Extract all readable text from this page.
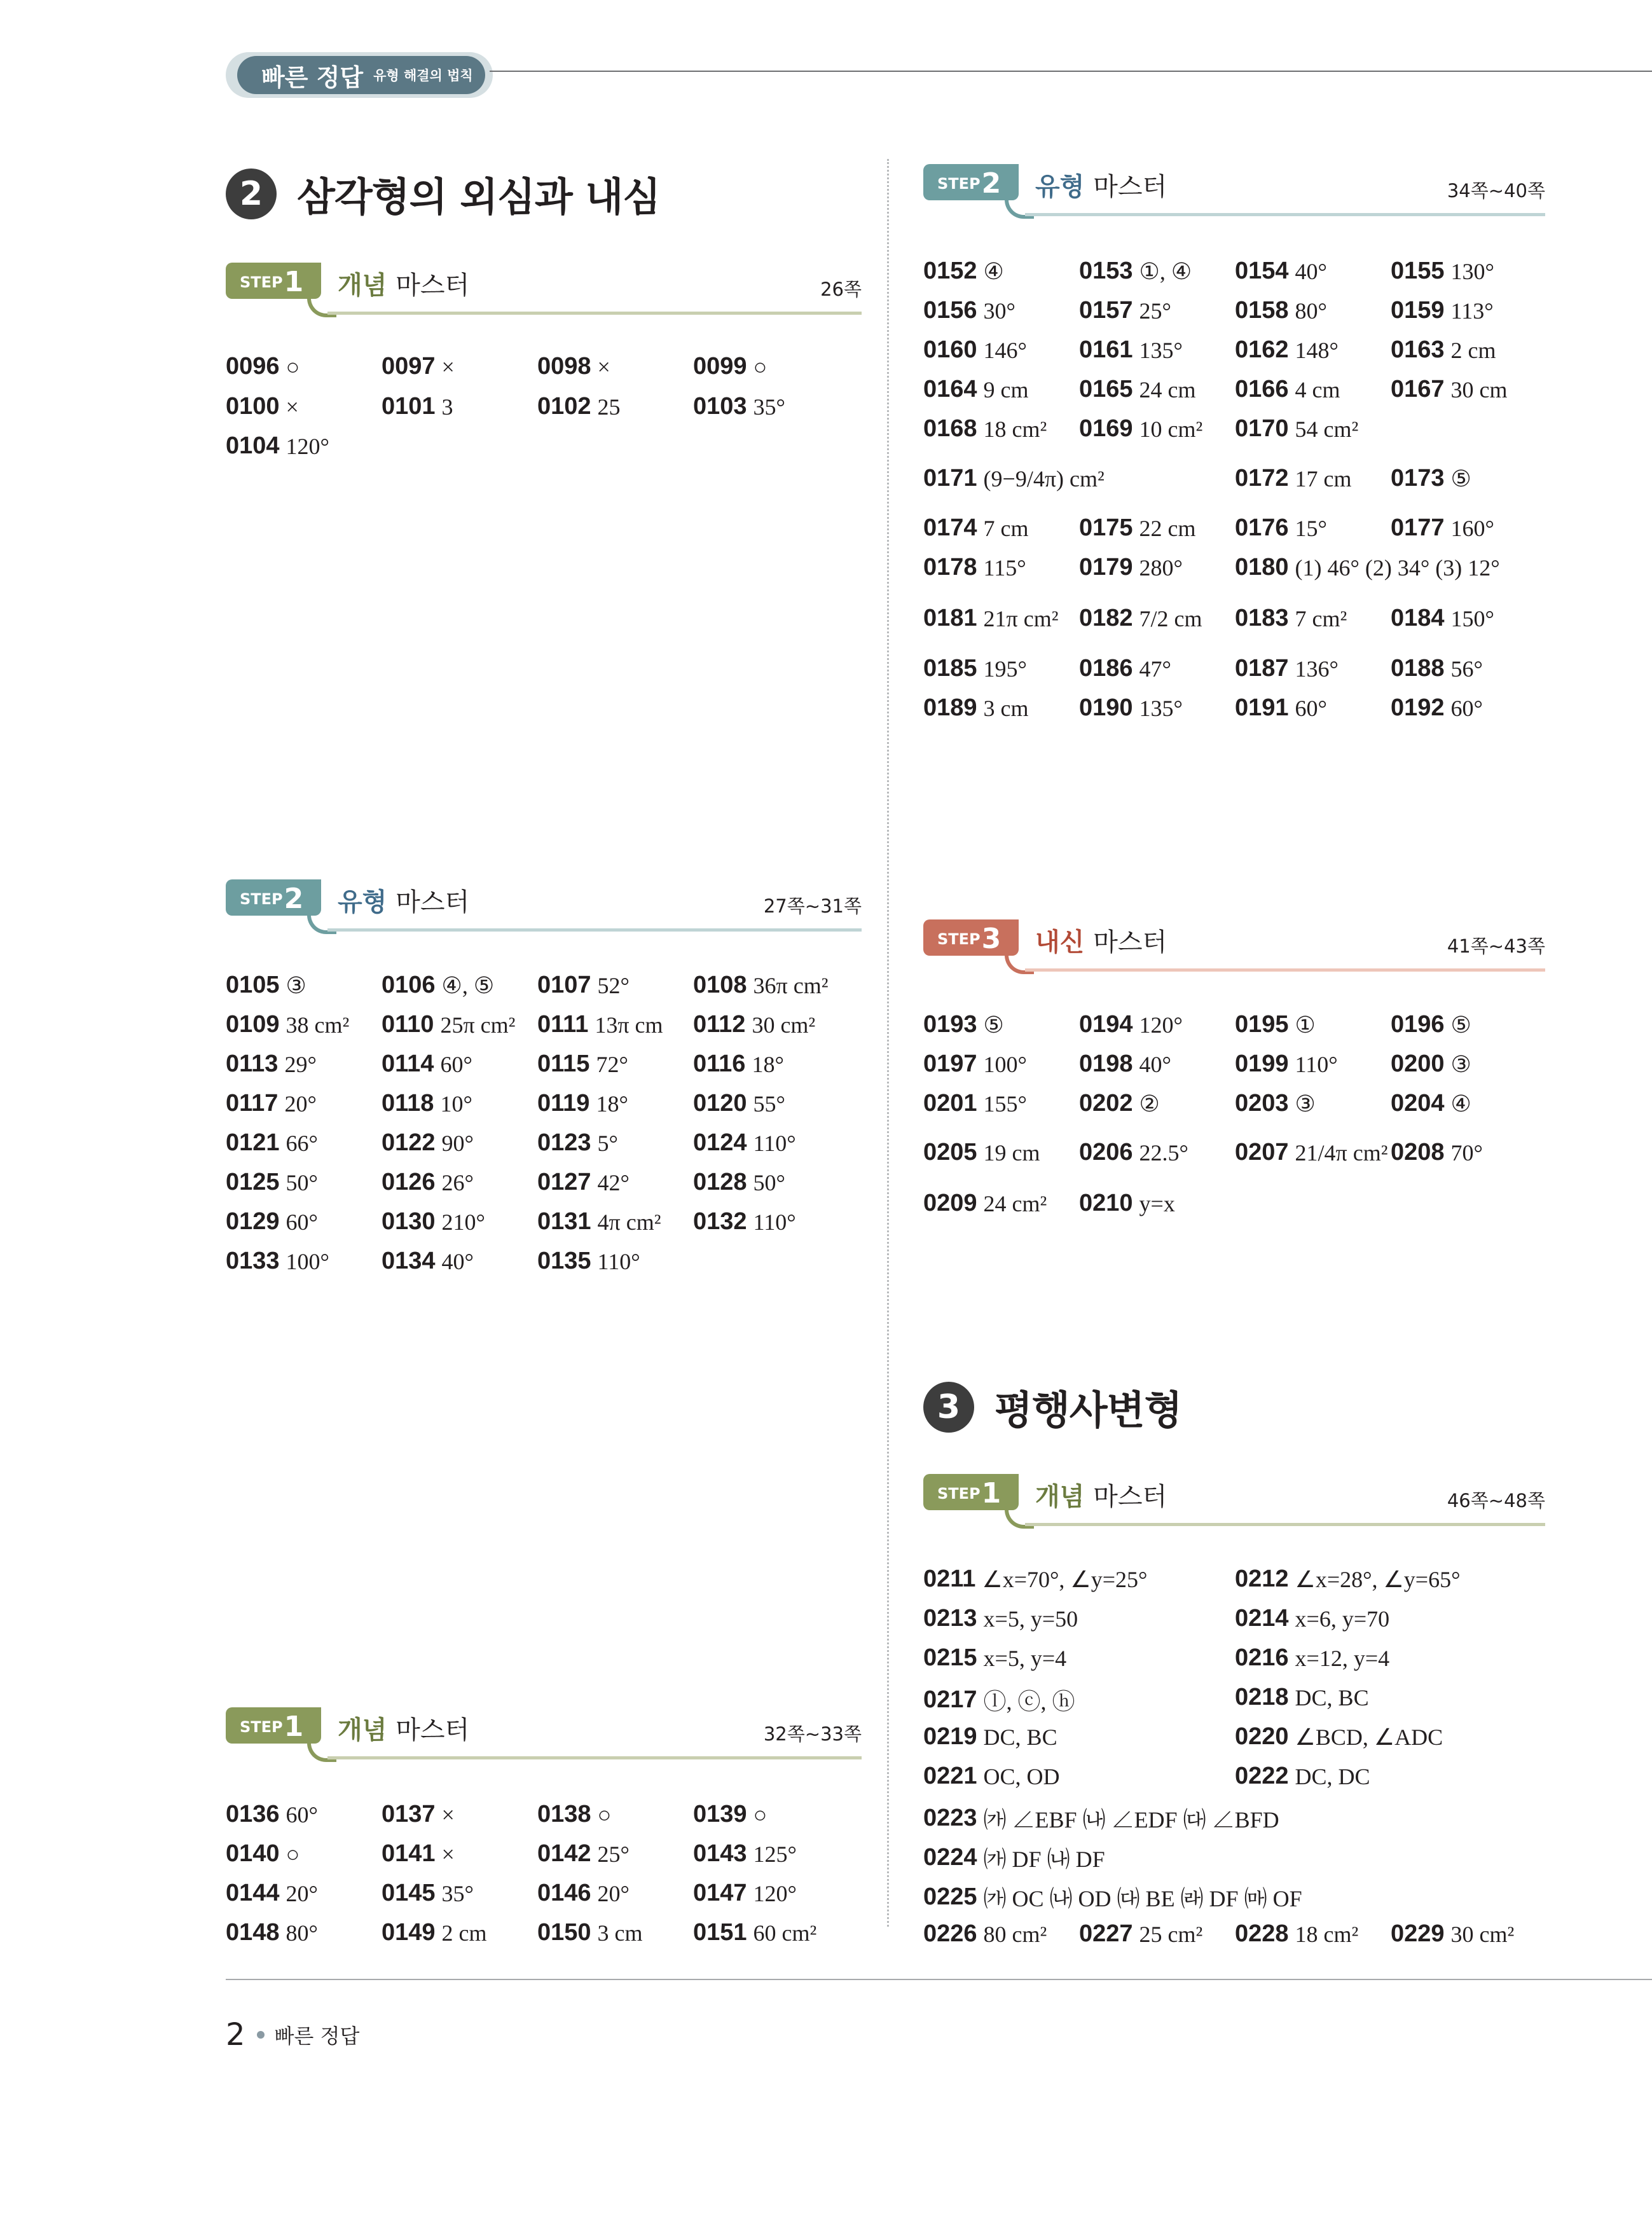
빠른 정답 유형 해결의 법칙
2 삼각형의 외심과 내심
3 평행사변형
STEP 1 개념 마스터	26쪽
STEP 2 유형 마스터	27쪽~31쪽
STEP 1 개념 마스터	32쪽~33쪽
STEP 2 유형 마스터	34쪽~40쪽
STEP 3 내신 마스터	41쪽~43쪽
STEP 1 개념 마스터	46쪽~48쪽
0096 ○	0097 ×	0098 ×	0099 ○
0100 ×	0101 3	0102 25	0103 35°
0104 120°
0105 ③	0106 ④, ⑤ 0107 52°	0108 36π cm²
0109 38 cm² 0110 25π cm² 0111 13π cm 0112 30 cm²
0113 29°	0114 60°	0115 72°	0116 18°
0117 20°	0118 10°	0119 18°	0120 55°
0121 66°	0122 90°	0123 5°	0124 110°
0125 50°	0126 26°	0127 42°	0128 50°
0129 60°	0130 210° 0131 4π cm² 0132 110°
0133 100° 0134 40°	0135 110°
0136 60°	0137 ×	0138 ○	0139 ○
0140 ○	0141 ×	0142 25°	0143 125°
0144 20°	0145 35°	0146 20°	0147 120°
0148 80°	0149 2 cm 0150 3 cm 0151 60 cm²
0152 ④	0153 ①, ④ 0154 40°	0155 130°
0156 30°	0157 25°	0158 80°	0159 113°
0160 146° 0161 135° 0162 148° 0163 2 cm
0164 9 cm 0165 24 cm 0166 4 cm 0167 30 cm
0168 18 cm² 0169 10 cm² 0170 54 cm²
0171 (9−9/4π) cm²	0172 17 cm 0173 ⑤
0174 7 cm 0175 22 cm 0176 15°	0177 160°
0178 115° 0179 280° 0180 (1) 46° (2) 34° (3) 12°
0181 21π cm² 0182 7/2 cm 0183 7 cm² 0184 150°
0185 195° 0186 47°	0187 136° 0188 56°
0189 3 cm 0190 135° 0191 60°	0192 60°
0193 ⑤	0194 120° 0195 ①	0196 ⑤
0197 100° 0198 40°	0199 110° 0200 ③
0201 155° 0202 ②	0203 ③	0204 ④
0205 19 cm 0206 22.5° 0207 21/4π cm² 0208 70°
0209 24 cm² 0210 y=x
0211 ∠x=70°, ∠y=25°	0212 ∠x=28°, ∠y=65°
0213 x=5, y=50	0214 x=6, y=70
0215 x=5, y=4	0216 x=12, y=4
0217 ⓛ, ⓒ, ⓗ	0218 DC, BC
0219 DC, BC	0220 ∠BCD, ∠ADC
0221 OC, OD	0222 DC, DC
0223 ㈎ ∠EBF ㈏ ∠EDF ㈐ ∠BFD
0224 ㈎ DF ㈏ DF
0225 ㈎ OC ㈏ OD ㈐ BE ㈑ DF ㈒ OF
0226 80 cm² 0227 25 cm² 0228 18 cm² 0229 30 cm²
2 빠른 정답
